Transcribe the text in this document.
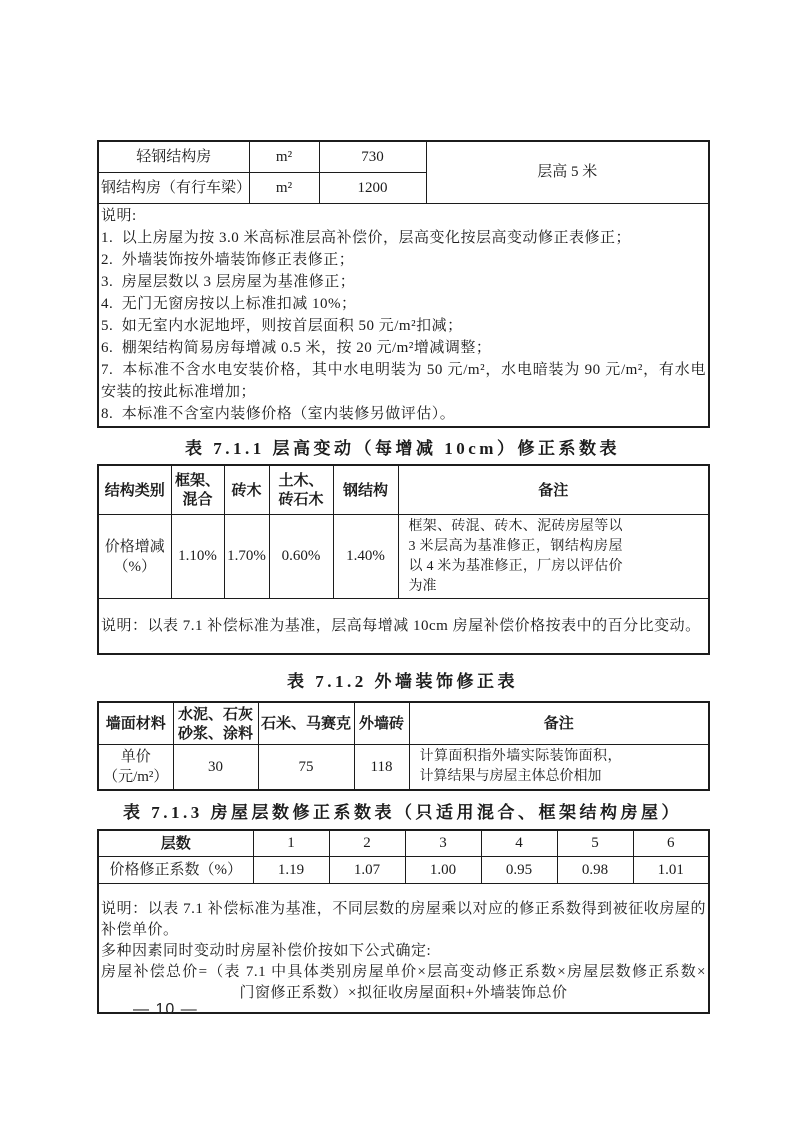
轻钢结构房	m²	730	层高 5 米
钢结构房（有行车梁）	m²	1200	

说明:
1.  以上房屋为按 3.0 米高标准层高补偿价，层高变化按层高变动修正表修正；
2.  外墙装饰按外墙装饰修正表修正；
3.  房屋层数以 3 层房屋为基准修正；
4.  无门无窗房按以上标准扣减 10%；
5.  如无室内水泥地坪，则按首层面积 50 元/m²扣减；
6.  棚架结构简易房每增减 0.5 米，按 20 元/m²增减调整；
7.  本标准不含水电安装价格，其中水电明装为 50 元/m²，水电暗装为 90 元/m²，有水电安装的按此标准增加；
8.  本标准不含室内装修价格（室内装修另做评估）。
表 7.1.1 层高变动（每增减 10cm）修正系数表
结构类别	框架、混合	砖木	土木、砖石木	钢结构	备注

价格增减
（%）	1.10%	1.70%	0.60%	1.40%	框架、砖混、砖木、泥砖房屋等以 3 米层高为基准修正，钢结构房屋以 4 米为基准修正，厂房以评估价为准

说明：以表 7.1 补偿标准为基准，层高每增减 10cm 房屋补偿价格按表中的百分比变动。					
表 7.1.2 外墙装饰修正表
墙面材料	水泥、石灰砂浆、涂料	石米、马赛克	外墙砖	备注

单价
（元/m²）	30	75	118	计算面积指外墙实际装饰面积，计算结果与房屋主体总价相加
表 7.1.3 房屋层数修正系数表（只适用混合、框架结构房屋）
层数	1	2	3	4	5	6
价格修正系数（%）	1.19	1.07	1.00	0.95	0.98	1.01

说明：以表 7.1 补偿标准为基准，不同层数的房屋乘以对应的修正系数得到被征收房屋的补偿单价。
多种因素同时变动时房屋补偿价按如下公式确定:
房屋补偿总价=（表 7.1 中具体类别房屋单价×层高变动修正系数×房屋层数修正系数×
门窗修正系数）×拟征收房屋面积+外墙装饰总价						
— 10 —
